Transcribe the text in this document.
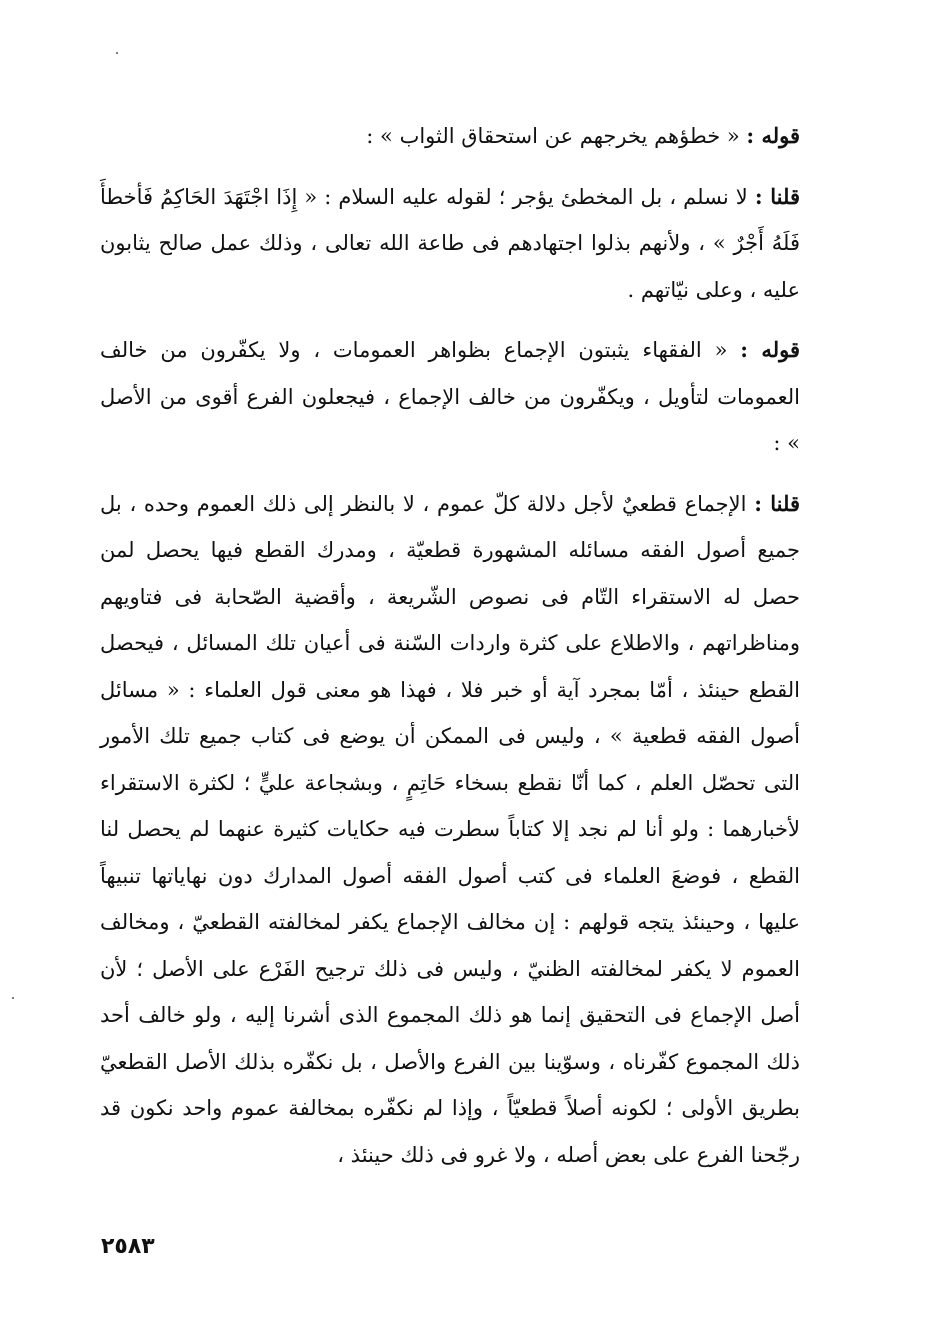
قوله : « خطؤهم يخرجهم عن استحقاق الثواب » :

قلنا : لا نسلم ، بل المخطئ يؤجر ؛ لقوله عليه السلام : « إِذَا اجْتَهَدَ الحَاكِمُ فَأخطأَ فَلَهُ أَجْرٌ » ، ولأنهم بذلوا اجتهادهم فى طاعة الله تعالى ، وذلك عمل صالح يثابون عليه ، وعلى نيّاتهم .

قوله : « الفقهاء يثبتون الإجماع بظواهر العمومات ، ولا يكفّرون من خالف العمومات لتأويل ، ويكفّرون من خالف الإجماع ، فيجعلون الفرع أقوى من الأصل » :

قلنا : الإجماع قطعيٌ لأجل دلالة كلّ عموم ، لا بالنظر إلى ذلك العموم وحده ، بل جميع أصول الفقه مسائله المشهورة قطعيّة ، ومدرك القطع فيها يحصل لمن حصل له الاستقراء التّام فى نصوص الشّريعة ، وأقضية الصّحابة فى فتاويهم ومناظراتهم ، والاطلاع على كثرة واردات السّنة فى أعيان تلك المسائل ، فيحصل القطع حينئذ ، أمّا بمجرد آية أو خبر فلا ، فهذا هو معنى قول العلماء : « مسائل أصول الفقه قطعية » ، وليس فى الممكن أن يوضع فى كتاب جميع تلك الأمور التى تحصّل العلم ، كما أنّا نقطع بسخاء حَاتِمٍ ، وبشجاعة عليٍّ ؛ لكثرة الاستقراء لأخبارهما : ولو أنا لم نجد إلا كتاباً سطرت فيه حكايات كثيرة عنهما لم يحصل لنا القطع ، فوضعَ العلماء فى كتب أصول الفقه أصول المدارك دون نهاياتها تنبيهاً عليها ، وحينئذ يتجه قولهم : إن مخالف الإجماع يكفر لمخالفته القطعيّ ، ومخالف العموم لا يكفر لمخالفته الظنيّ ، وليس فى ذلك ترجيح الفَرْع على الأصل ؛ لأن أصل الإجماع فى التحقيق إنما هو ذلك المجموع الذى أشرنا إليه ، ولو خالف أحد ذلك المجموع كفّرناه ، وسوّينا بين الفرع والأصل ، بل نكفّره بذلك الأصل القطعيّ بطريق الأولى ؛ لكونه أصلاً قطعيّاً ، وإذا لم نكفّره بمخالفة عموم واحد نكون قد رجّحنا الفرع على بعض أصله ، ولا غرو فى ذلك حينئذ ،

٢٥٨٣
